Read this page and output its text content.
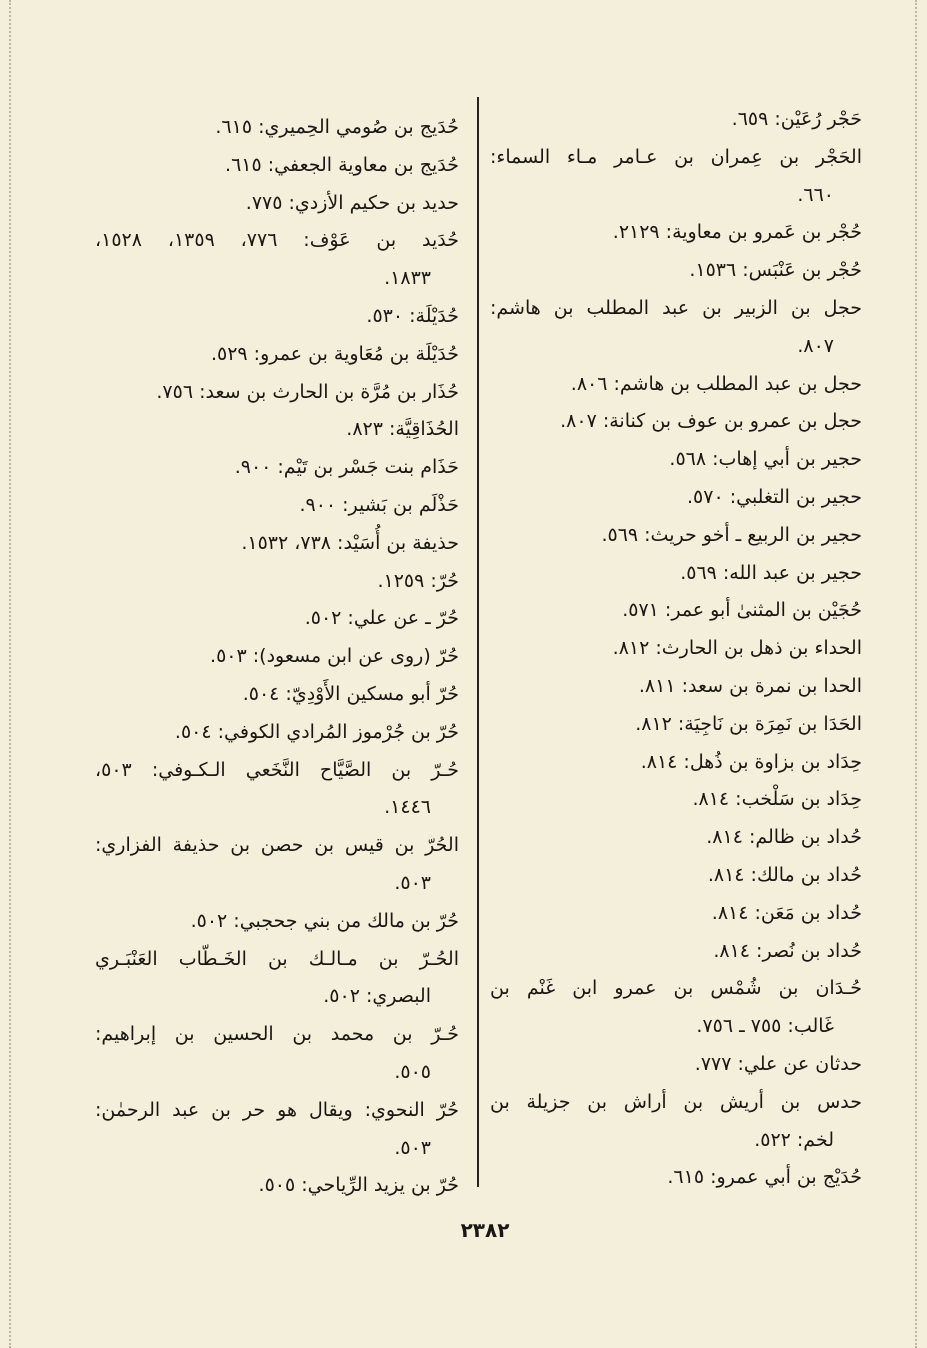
حَجْر رُعَيْن: ٦٥٩.
الحَجْر بن عِمران بن عـامر مـاء السماء:
٦٦٠.
حُجْر بن عَمرو بن معاوية: ٢١٢٩.
حُجْر بن عَنْبَس: ١٥٣٦.
حجل بن الزبير بن عبد المطلب بن هاشم:
٨٠٧.
حجل بن عبد المطلب بن هاشم: ٨٠٦.
حجل بن عمرو بن عوف بن كنانة: ٨٠٧.
حجير بن أبي إهاب: ٥٦٨.
حجير بن التغلبي: ٥٧٠.
حجير بن الربيع ـ أخو حريث: ٥٦٩.
حجير بن عبد الله: ٥٦٩.
حُجَيْن بن المثنىٰ أبو عمر: ٥٧١.
الحداء بن ذهل بن الحارث: ٨١٢.
الحدا بن نمرة بن سعد: ٨١١.
الحَدَا بن نَمِرَة بن نَاجِيَة: ٨١٢.
حِدَاد بن بزاوة بن ذُهل: ٨١٤.
حِدَاد بن سَلْخب: ٨١٤.
حُداد بن ظالم: ٨١٤.
حُداد بن مالك: ٨١٤.
حُداد بن مَعَن: ٨١٤.
حُداد بن نُصر: ٨١٤.
حُـدَان بن شُمْس بن عمرو ابن غَنْم بن
غَالب: ٧٥٥ ـ ٧٥٦.
حدثان عن علي: ٧٧٧.
حدس بن أريش بن أراش بن جزيلة بن
لخم: ٥٢٢.
حُدَيْج بن أبي عمرو: ٦١٥.
حُدَيج بن صُومي الحِميري: ٦١٥.
حُدَيج بن معاوية الجعفي: ٦١٥.
حديد بن حكيم الأزدي: ٧٧٥.
حُدَيد بن عَوْف: ٧٧٦، ١٣٥٩، ١٥٢٨،
١٨٣٣.
حُدَيْلَة: ٥٣٠.
حُدَيْلَة بن مُعَاوية بن عمرو: ٥٢٩.
حُذَار بن مُرَّة بن الحارث بن سعد: ٧٥٦.
الحُذَاقِيَّة: ٨٢٣.
حَذَام بنت جَسْر بن تَيْم: ٩٠٠.
حَذْلَم بن بَشير: ٩٠٠.
حذيفة بن أُسَيْد: ٧٣٨، ١٥٣٢.
حُرّ: ١٢٥٩.
حُرّ ـ عن علي: ٥٠٢.
حُرّ (روى عن ابن مسعود): ٥٠٣.
حُرّ أبو مسكين الأَوْدِيّ: ٥٠٤.
حُرّ بن جُرْموز المُرادي الكوفي: ٥٠٤.
حُـرّ بن الصَّيَّاح النَّخَعي الـكـوفي: ٥٠٣،
١٤٤٦.
الحُرّ بن قيس بن حصن بن حذيفة الفزاري:
٥٠٣.
حُرّ بن مالك من بني جحجبي: ٥٠٢.
الحُـرّ بن مـالـك بن الخَـطّاب العَنْبَـري
البصري: ٥٠٢.
حُـرّ بن محمد بن الحسين بن إبراهيم:
٥٠٥.
حُرّ النحوي: ويقال هو حر بن عبد الرحمٰن:
٥٠٣.
حُرّ بن يزيد الرِّياحي: ٥٠٥.
٢٣٨٢
